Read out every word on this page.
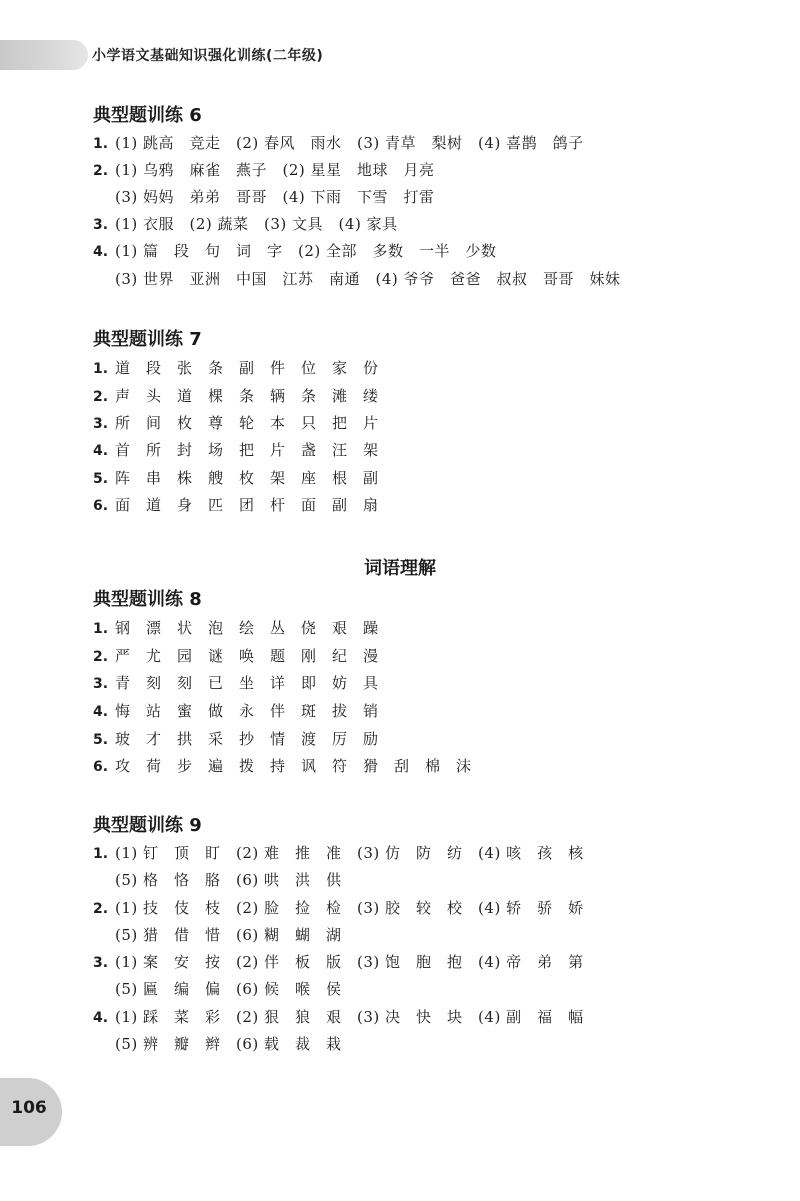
小学语文基础知识强化训练(二年级)
典型题训练 6
1. (1) 跳高　竞走　(2) 春风　雨水　(3) 青草　梨树　(4) 喜鹊　鸽子
2. (1) 乌鸦　麻雀　燕子　(2) 星星　地球　月亮
(3) 妈妈　弟弟　哥哥　(4) 下雨　下雪　打雷
3. (1) 衣服　(2) 蔬菜　(3) 文具　(4) 家具
4. (1) 篇　段　句　词　字　(2) 全部　多数　一半　少数
(3) 世界　亚洲　中国　江苏　南通　(4) 爷爷　爸爸　叔叔　哥哥　妹妹
典型题训练 7
1. 道　段　张　条　副　件　位　家　份
2. 声　头　道　棵　条　辆　条　滩　缕
3. 所　间　枚　尊　轮　本　只　把　片
4. 首　所　封　场　把　片　盏　汪　架
5. 阵　串　株　艘　枚　架　座　根　副
6. 面　道　身　匹　团　杆　面　副　扇
词语理解
典型题训练 8
1. 钢　漂　状　泡　绘　丛　侥　艰　躁
2. 严　尤　园　谜　唤　题　刚　纪　漫
3. 青　刻　刻　已　坐　详　即　妨　具
4. 悔　站　蜜　做　永　伴　斑　拔　销
5. 玻　才　拱　采　抄　情　渡　厉　励
6. 攻　荷　步　遍　拨　持　讽　符　猾　刮　棉　沫
典型题训练 9
1. (1) 钉　顶　盯　(2) 难　推　准　(3) 仿　防　纺　(4) 咳　孩　核
(5) 格　恪　胳　(6) 哄　洪　供
2. (1) 技　伎　枝　(2) 脸　捡　检　(3) 胶　较　校　(4) 轿　骄　娇
(5) 猎　借　惜　(6) 糊　蝴　湖
3. (1) 案　安　按　(2) 伴　板　版　(3) 饱　胞　抱　(4) 帝　弟　第
(5) 匾　编　偏　(6) 候　喉　侯
4. (1) 踩　菜　彩　(2) 狠　狼　艰　(3) 决　快　块　(4) 副　福　幅
(5) 辨　瓣　辫　(6) 载　裁　栽
106
